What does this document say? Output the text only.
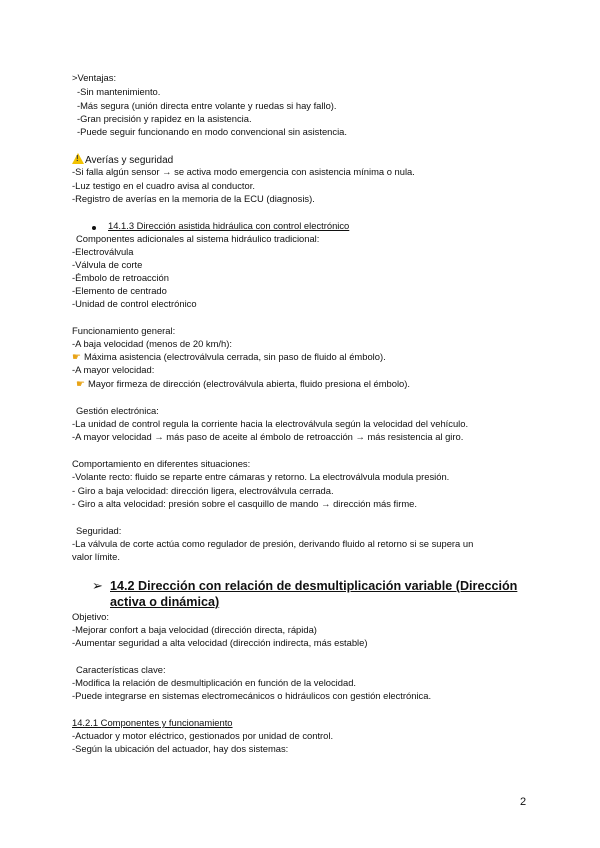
>Ventajas:
-Sin mantenimiento.
-Más segura (unión directa entre volante y ruedas si hay fallo).
-Gran precisión y rapidez en la asistencia.
-Puede seguir funcionando en modo convencional sin asistencia.
!Averías y seguridad
-Si falla algún sensor → se activa modo emergencia con asistencia mínima o nula.
-Luz testigo en el cuadro avisa al conductor.
-Registro de averías en la memoria de la ECU (diagnosis).
14.1.3 Dirección asistida hidráulica con control electrónico
Componentes adicionales al sistema hidráulico tradicional:
-Electroválvula
-Válvula de corte
-Émbolo de retroacción
-Elemento de centrado
-Unidad de control electrónico
Funcionamiento general:
-A baja velocidad (menos de 20 km/h):
☛ Máxima asistencia (electroválvula cerrada, sin paso de fluido al émbolo).
-A mayor velocidad:
☛ Mayor firmeza de dirección (electroválvula abierta, fluido presiona el émbolo).
Gestión electrónica:
-La unidad de control regula la corriente hacia la electroválvula según la velocidad del vehículo.
-A mayor velocidad → más paso de aceite al émbolo de retroacción → más resistencia al giro.
Comportamiento en diferentes situaciones:
-Volante recto: fluido se reparte entre cámaras y retorno. La electroválvula modula presión.
- Giro a baja velocidad: dirección ligera, electroválvula cerrada.
- Giro a alta velocidad: presión sobre el casquillo de mando → dirección más firme.
Seguridad:
-La válvula de corte actúa como regulador de presión, derivando fluido al retorno si se supera un
valor límite.
➢ 14.2 Dirección con relación de desmultiplicación variable (Dirección
activa o dinámica)
Objetivo:
-Mejorar confort a baja velocidad (dirección directa, rápida)
-Aumentar seguridad a alta velocidad (dirección indirecta, más estable)
Características clave:
-Modifica la relación de desmultiplicación en función de la velocidad.
-Puede integrarse en sistemas electromecánicos o hidráulicos con gestión electrónica.
14.2.1 Componentes y funcionamiento
-Actuador y motor eléctrico, gestionados por unidad de control.
-Según la ubicación del actuador, hay dos sistemas:
2
